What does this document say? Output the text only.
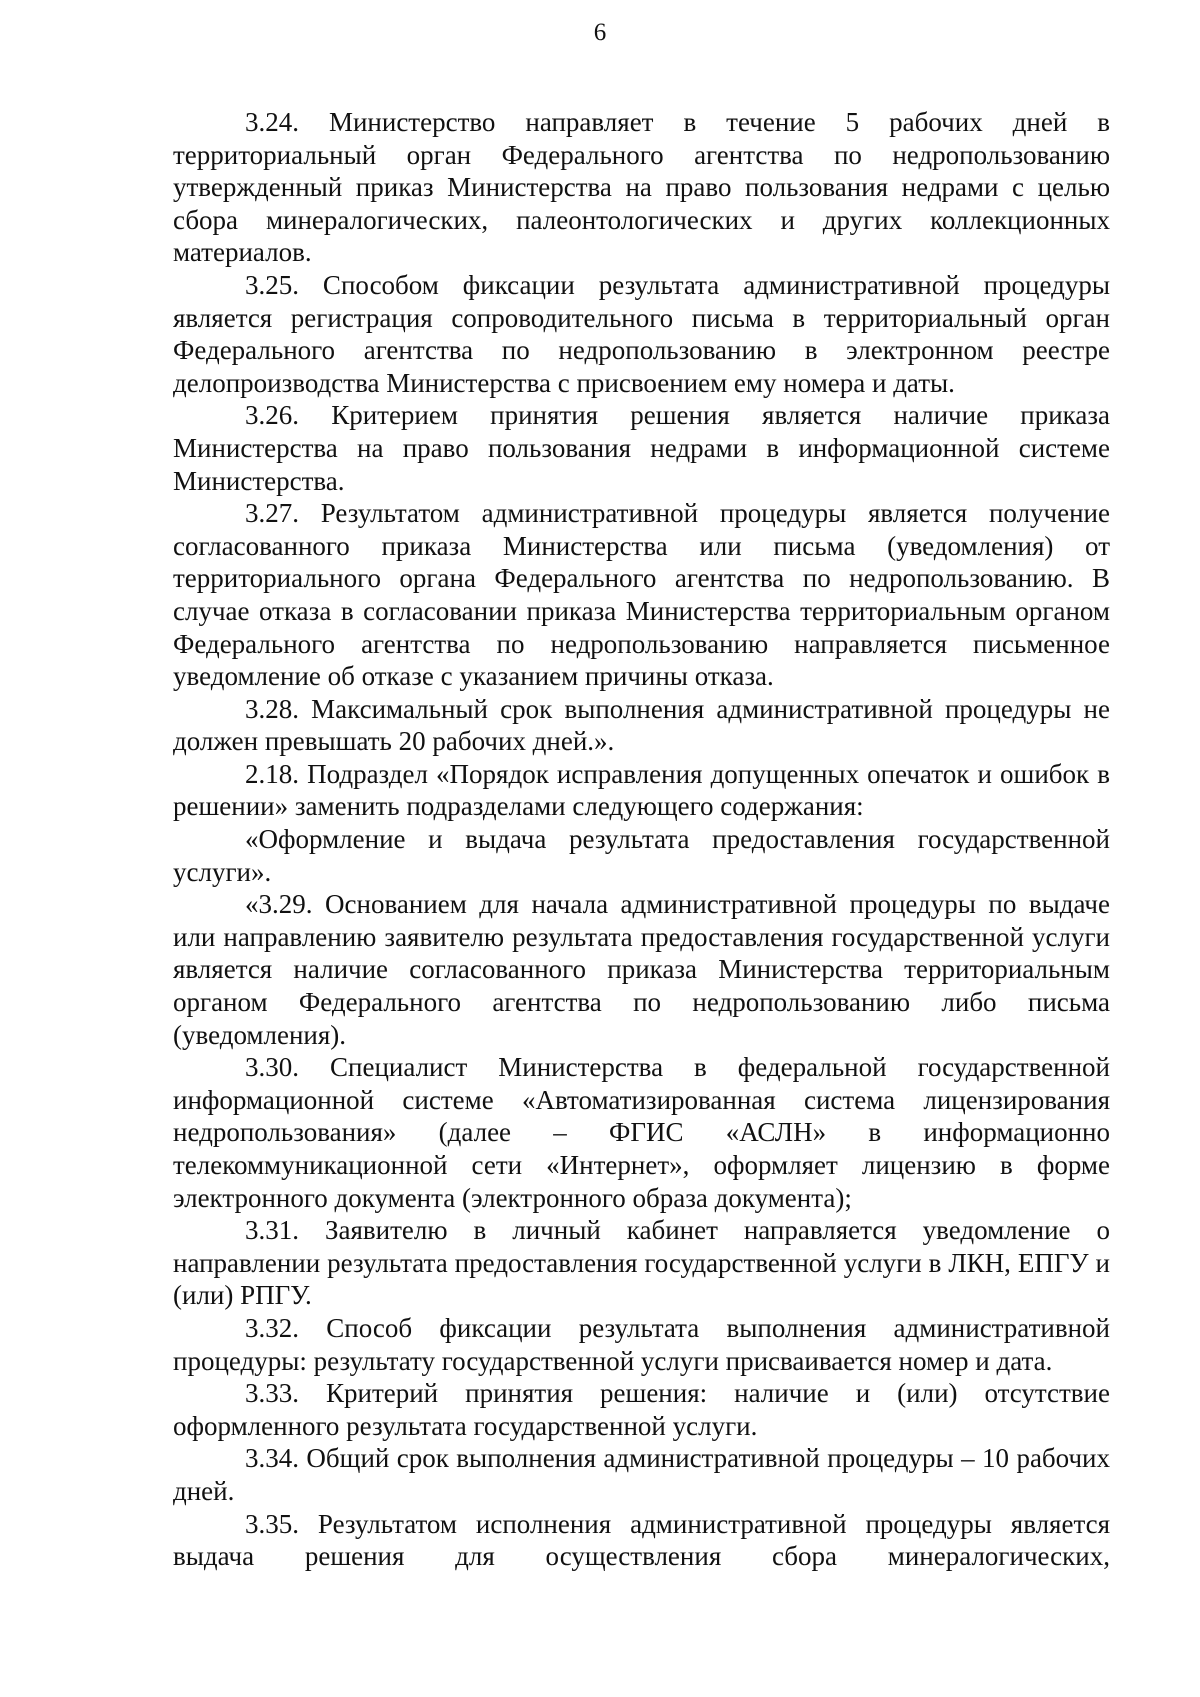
6

3.24. Министерство направляет в течение 5 рабочих дней в территориальный орган Федерального агентства по недропользованию утвержденный приказ Министерства на право пользования недрами с целью сбора минералогических, палеонтологических и других коллекционных материалов.

3.25. Способом фиксации результата административной процедуры является регистрация сопроводительного письма в территориальный орган Федерального агентства по недропользованию в электронном реестре делопроизводства Министерства с присвоением ему номера и даты.

3.26. Критерием принятия решения является наличие приказа Министерства на право пользования недрами в информационной системе Министерства.

3.27. Результатом административной процедуры является получение согласованного приказа Министерства или письма (уведомления) от территориального органа Федерального агентства по недропользованию. В случае отказа в согласовании приказа Министерства территориальным органом Федерального агентства по недропользованию направляется письменное уведомление об отказе с указанием причины отказа.

3.28. Максимальный срок выполнения административной процедуры не должен превышать 20 рабочих дней.».

2.18. Подраздел «Порядок исправления допущенных опечаток и ошибок в решении» заменить подразделами следующего содержания:

«Оформление и выдача результата предоставления государственной услуги».

«3.29. Основанием для начала административной процедуры по выдаче или направлению заявителю результата предоставления государственной услуги является наличие согласованного приказа Министерства территориальным органом Федерального агентства по недропользованию либо письма (уведомления).

3.30. Специалист Министерства в федеральной государственной информационной системе «Автоматизированная система лицензирования недропользования» (далее – ФГИС «АСЛН» в информационно телекоммуникационной сети «Интернет», оформляет лицензию в форме электронного документа (электронного образа документа);

3.31. Заявителю в личный кабинет направляется уведомление о направлении результата предоставления государственной услуги в ЛКН, ЕПГУ и (или) РПГУ.

3.32. Способ фиксации результата выполнения административной процедуры: результату государственной услуги присваивается номер и дата.

3.33. Критерий принятия решения: наличие и (или) отсутствие оформленного результата государственной услуги.

3.34. Общий срок выполнения административной процедуры – 10 рабочих дней.

3.35. Результатом исполнения административной процедуры является выдача решения для осуществления сбора минералогических,
